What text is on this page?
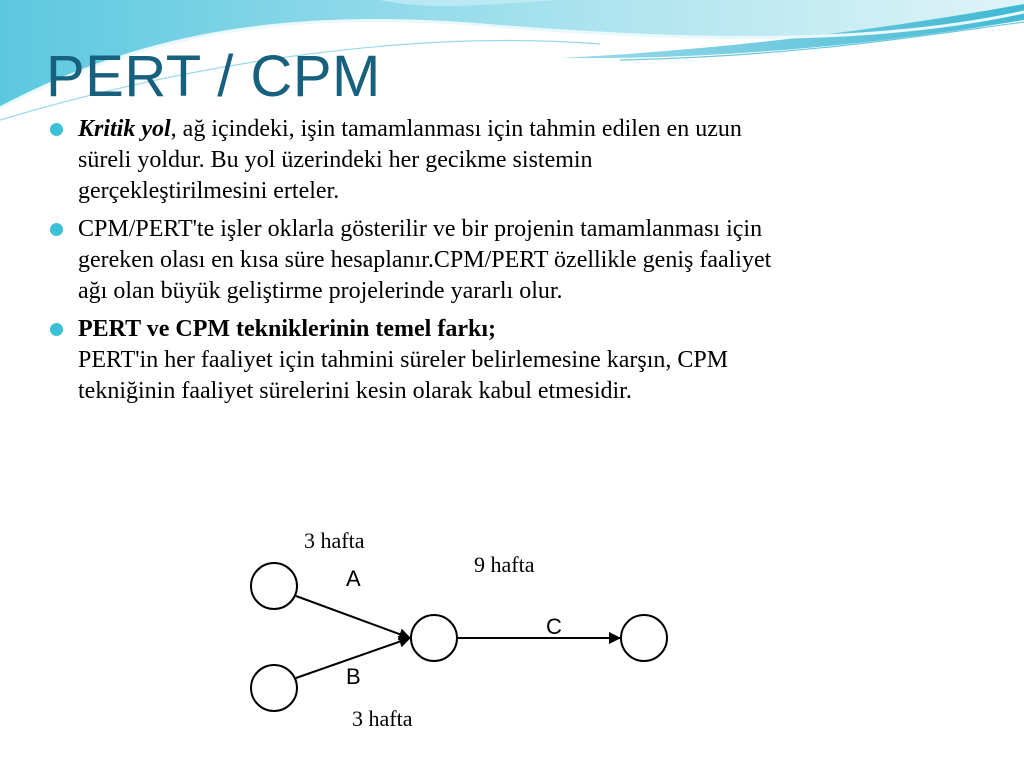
PERT / CPM
Kritik yol, ağ içindeki, işin tamamlanması için tahmin edilen en uzun
süreli yoldur. Bu yol üzerindeki her gecikme sistemin
gerçekleştirilmesini erteler.
CPM/PERT'te işler oklarla gösterilir ve bir projenin tamamlanması için
gereken olası en kısa süre hesaplanır.CPM/PERT özellikle geniş faaliyet
ağı olan büyük geliştirme projelerinde yararlı olur.
PERT ve CPM tekniklerinin temel farkı;
PERT'in her faaliyet için tahmini süreler belirlemesine karşın, CPM
tekniğinin faaliyet sürelerini kesin olarak kabul etmesidir.
3 hafta
9 hafta
3 hafta
A
B
C
